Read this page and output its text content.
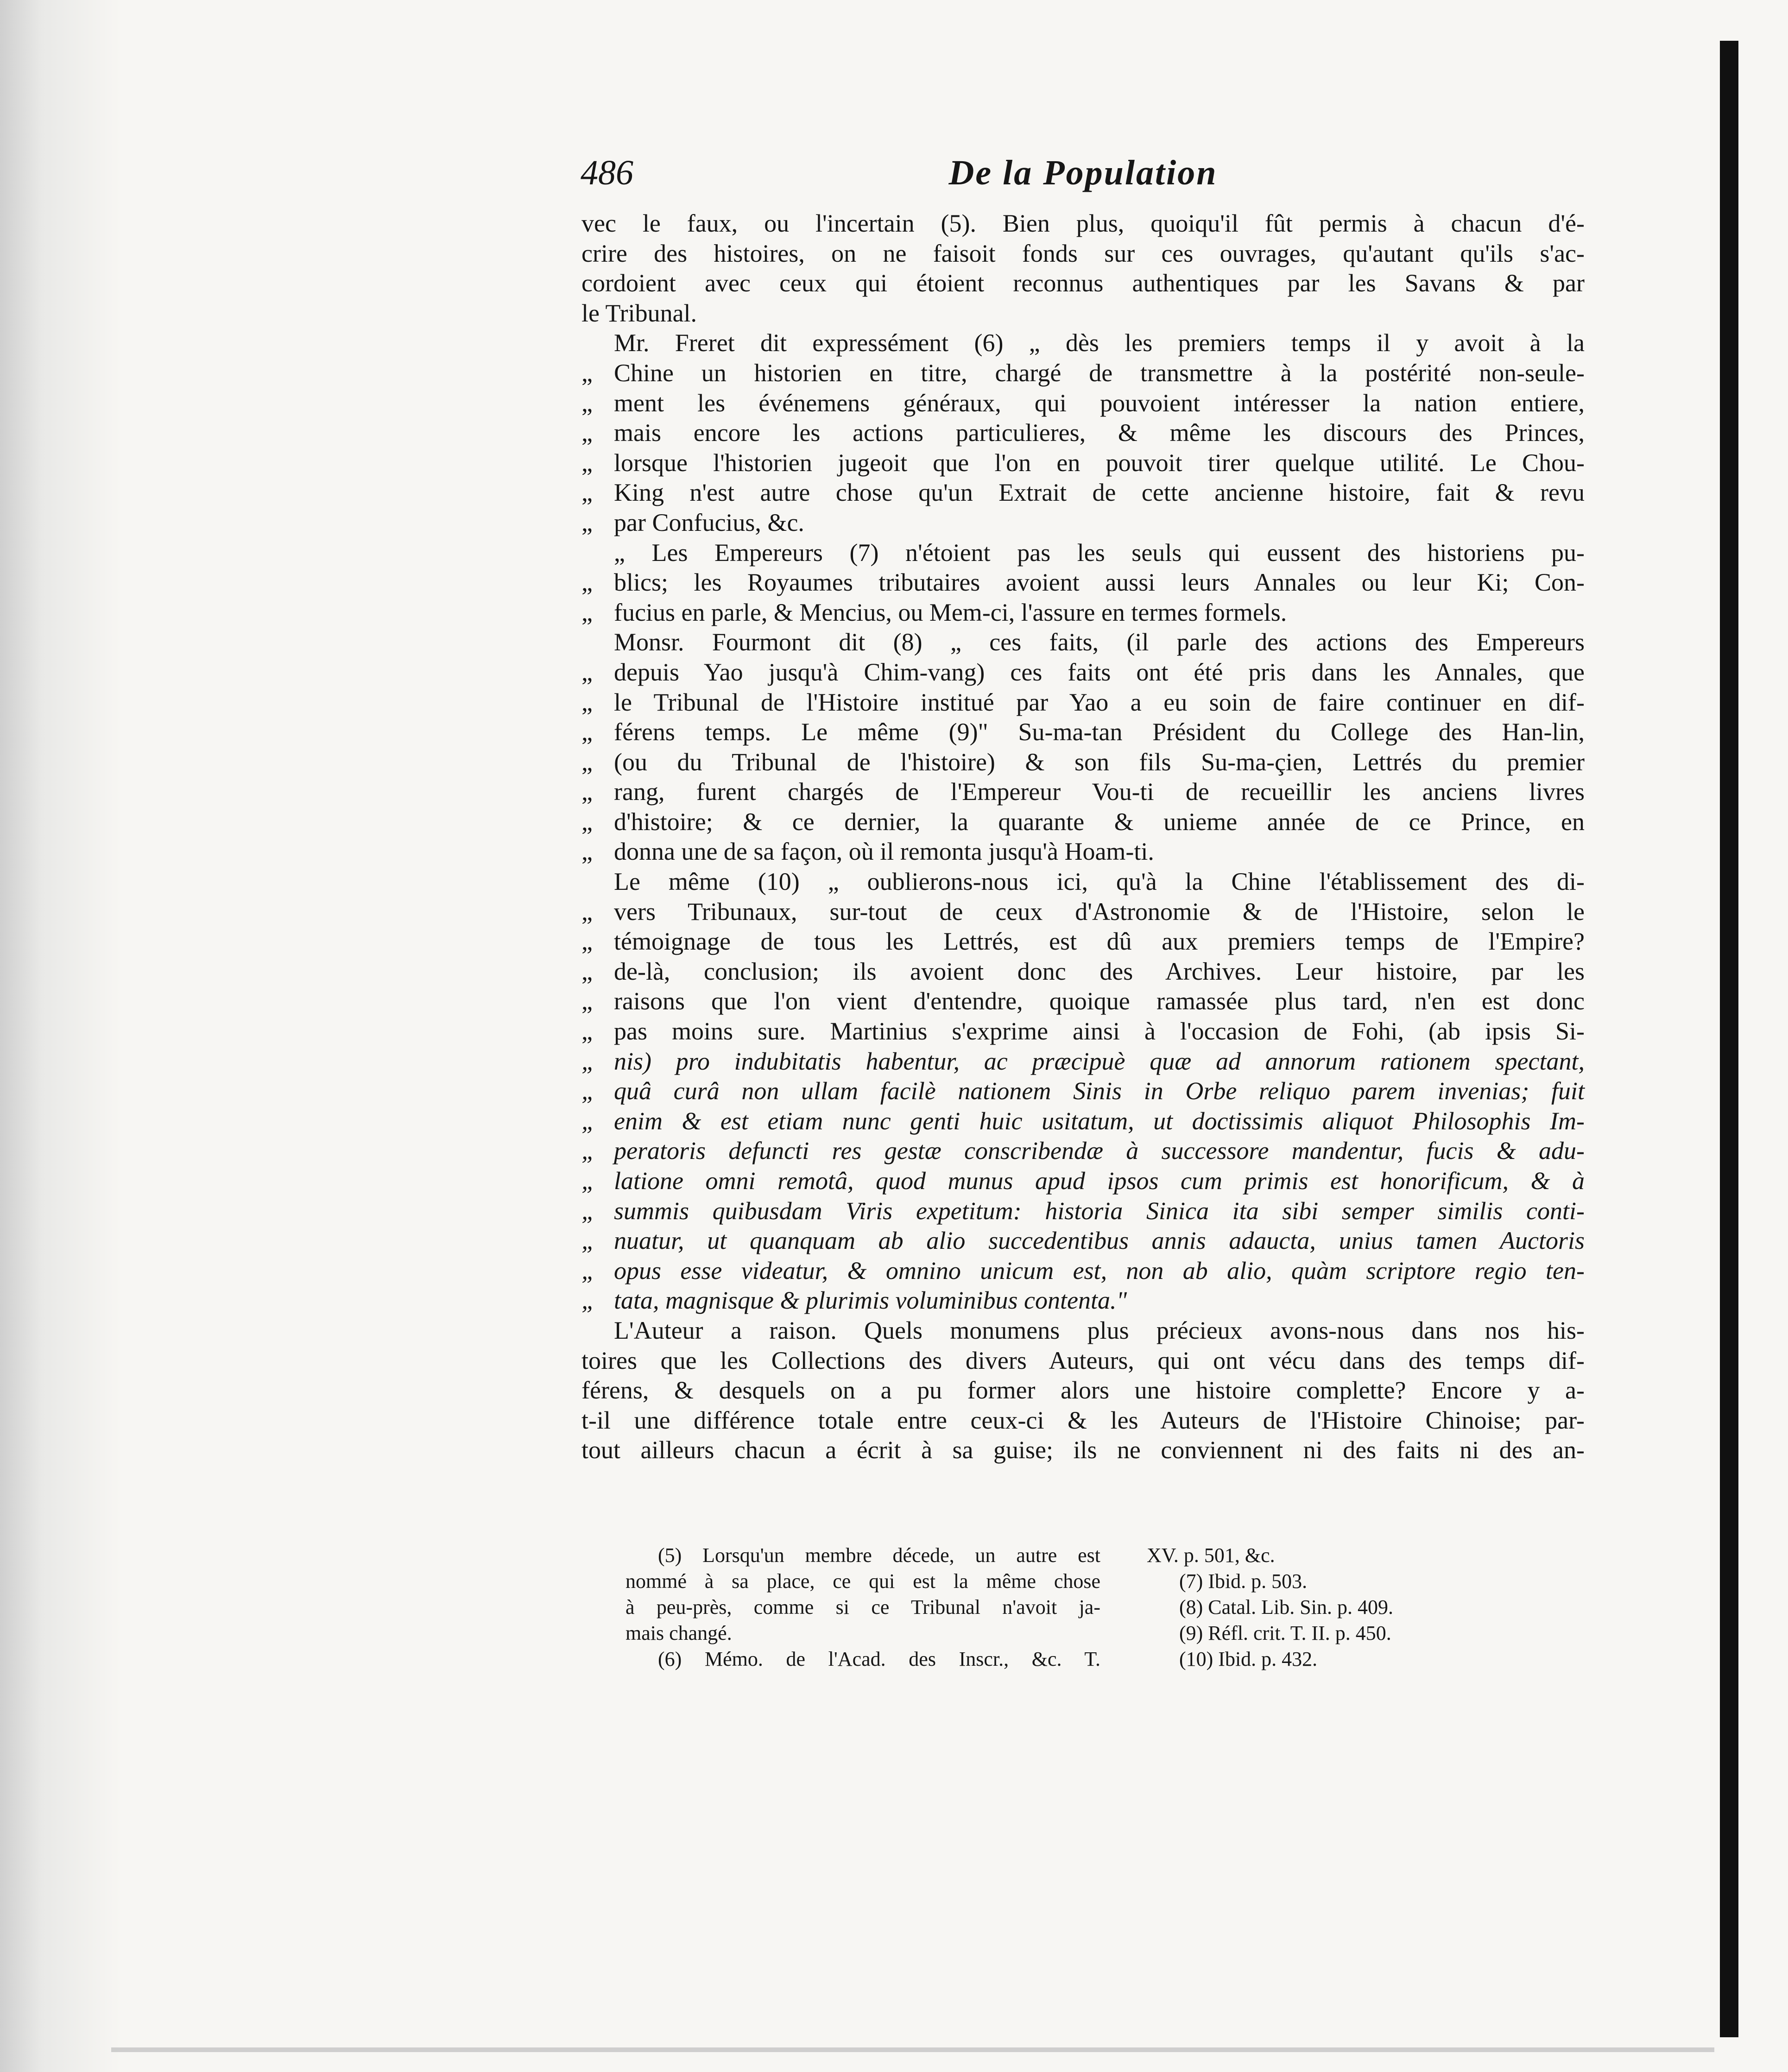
486	De la Population
vec le faux, ou l'incertain (5). Bien plus, quoiqu'il fût permis à chacun d'é-
crire des histoires, on ne faisoit fonds sur ces ouvrages, qu'autant qu'ils s'ac-
cordoient avec ceux qui étoient reconnus authentiques par les Savans & par
le Tribunal.
Mr. Freret dit expressément (6) „ dès les premiers temps il y avoit à la
„ Chine un historien en titre, chargé de transmettre à la postérité non-seule-
„ ment les événemens généraux, qui pouvoient intéresser la nation entiere,
„ mais encore les actions particulieres, & même les discours des Princes,
„ lorsque l'historien jugeoit que l'on en pouvoit tirer quelque utilité. Le Chou-
„ King n'est autre chose qu'un Extrait de cette ancienne histoire, fait & revu
„ par Confucius, &c.
„ Les Empereurs (7) n'étoient pas les seuls qui eussent des historiens pu-
„ blics; les Royaumes tributaires avoient aussi leurs Annales ou leur Ki; Con-
„ fucius en parle, & Mencius, ou Mem-ci, l'assure en termes formels.
Monsr. Fourmont dit (8) „ ces faits, (il parle des actions des Empereurs
„ depuis Yao jusqu'à Chim-vang) ces faits ont été pris dans les Annales, que
„ le Tribunal de l'Histoire institué par Yao a eu soin de faire continuer en dif-
„ férens temps. Le même (9)" Su-ma-tan Président du College des Han-lin,
„ (ou du Tribunal de l'histoire) & son fils Su-ma-çien, Lettrés du premier
„ rang, furent chargés de l'Empereur Vou-ti de recueillir les anciens livres
„ d'histoire; & ce dernier, la quarante & unieme année de ce Prince, en
„ donna une de sa façon, où il remonta jusqu'à Hoam-ti.
Le même (10) „ oublierons-nous ici, qu'à la Chine l'établissement des di-
„ vers Tribunaux, sur-tout de ceux d'Astronomie & de l'Histoire, selon le
„ témoignage de tous les Lettrés, est dû aux premiers temps de l'Empire?
„ de-là, conclusion; ils avoient donc des Archives. Leur histoire, par les
„ raisons que l'on vient d'entendre, quoique ramassée plus tard, n'en est donc
„ pas moins sure. Martinius s'exprime ainsi à l'occasion de Fohi, (ab ipsis Si-
„ nis) pro indubitatis habentur, ac præcipuè quæ ad annorum rationem spectant,
„ quâ curâ non ullam facilè nationem Sinis in Orbe reliquo parem invenias; fuit
„ enim & est etiam nunc genti huic usitatum, ut doctissimis aliquot Philosophis Im-
„ peratoris defuncti res gestæ conscribendæ à successore mandentur, fucis & adu-
„ latione omni remotâ, quod munus apud ipsos cum primis est honorificum, & à
„ summis quibusdam Viris expetitum: historia Sinica ita sibi semper similis conti-
„ nuatur, ut quanquam ab alio succedentibus annis adaucta, unius tamen Auctoris
„ opus esse videatur, & omnino unicum est, non ab alio, quàm scriptore regio ten-
„ tata, magnisque & plurimis voluminibus contenta."
L'Auteur a raison. Quels monumens plus précieux avons-nous dans nos his-
toires que les Collections des divers Auteurs, qui ont vécu dans des temps dif-
férens, & desquels on a pu former alors une histoire complette? Encore y a-
t-il une différence totale entre ceux-ci & les Auteurs de l'Histoire Chinoise; par-
tout ailleurs chacun a écrit à sa guise; ils ne conviennent ni des faits ni des an-
(5) Lorsqu'un membre décede, un autre est
nommé à sa place, ce qui est la même chose
à peu-près, comme si ce Tribunal n'avoit ja-
mais changé.
(6) Mémo. de l'Acad. des Inscr., &c. T.
XV. p. 501, &c.
(7) Ibid. p. 503.
(8) Catal. Lib. Sin. p. 409.
(9) Réfl. crit. T. II. p. 450.
(10) Ibid. p. 432.
